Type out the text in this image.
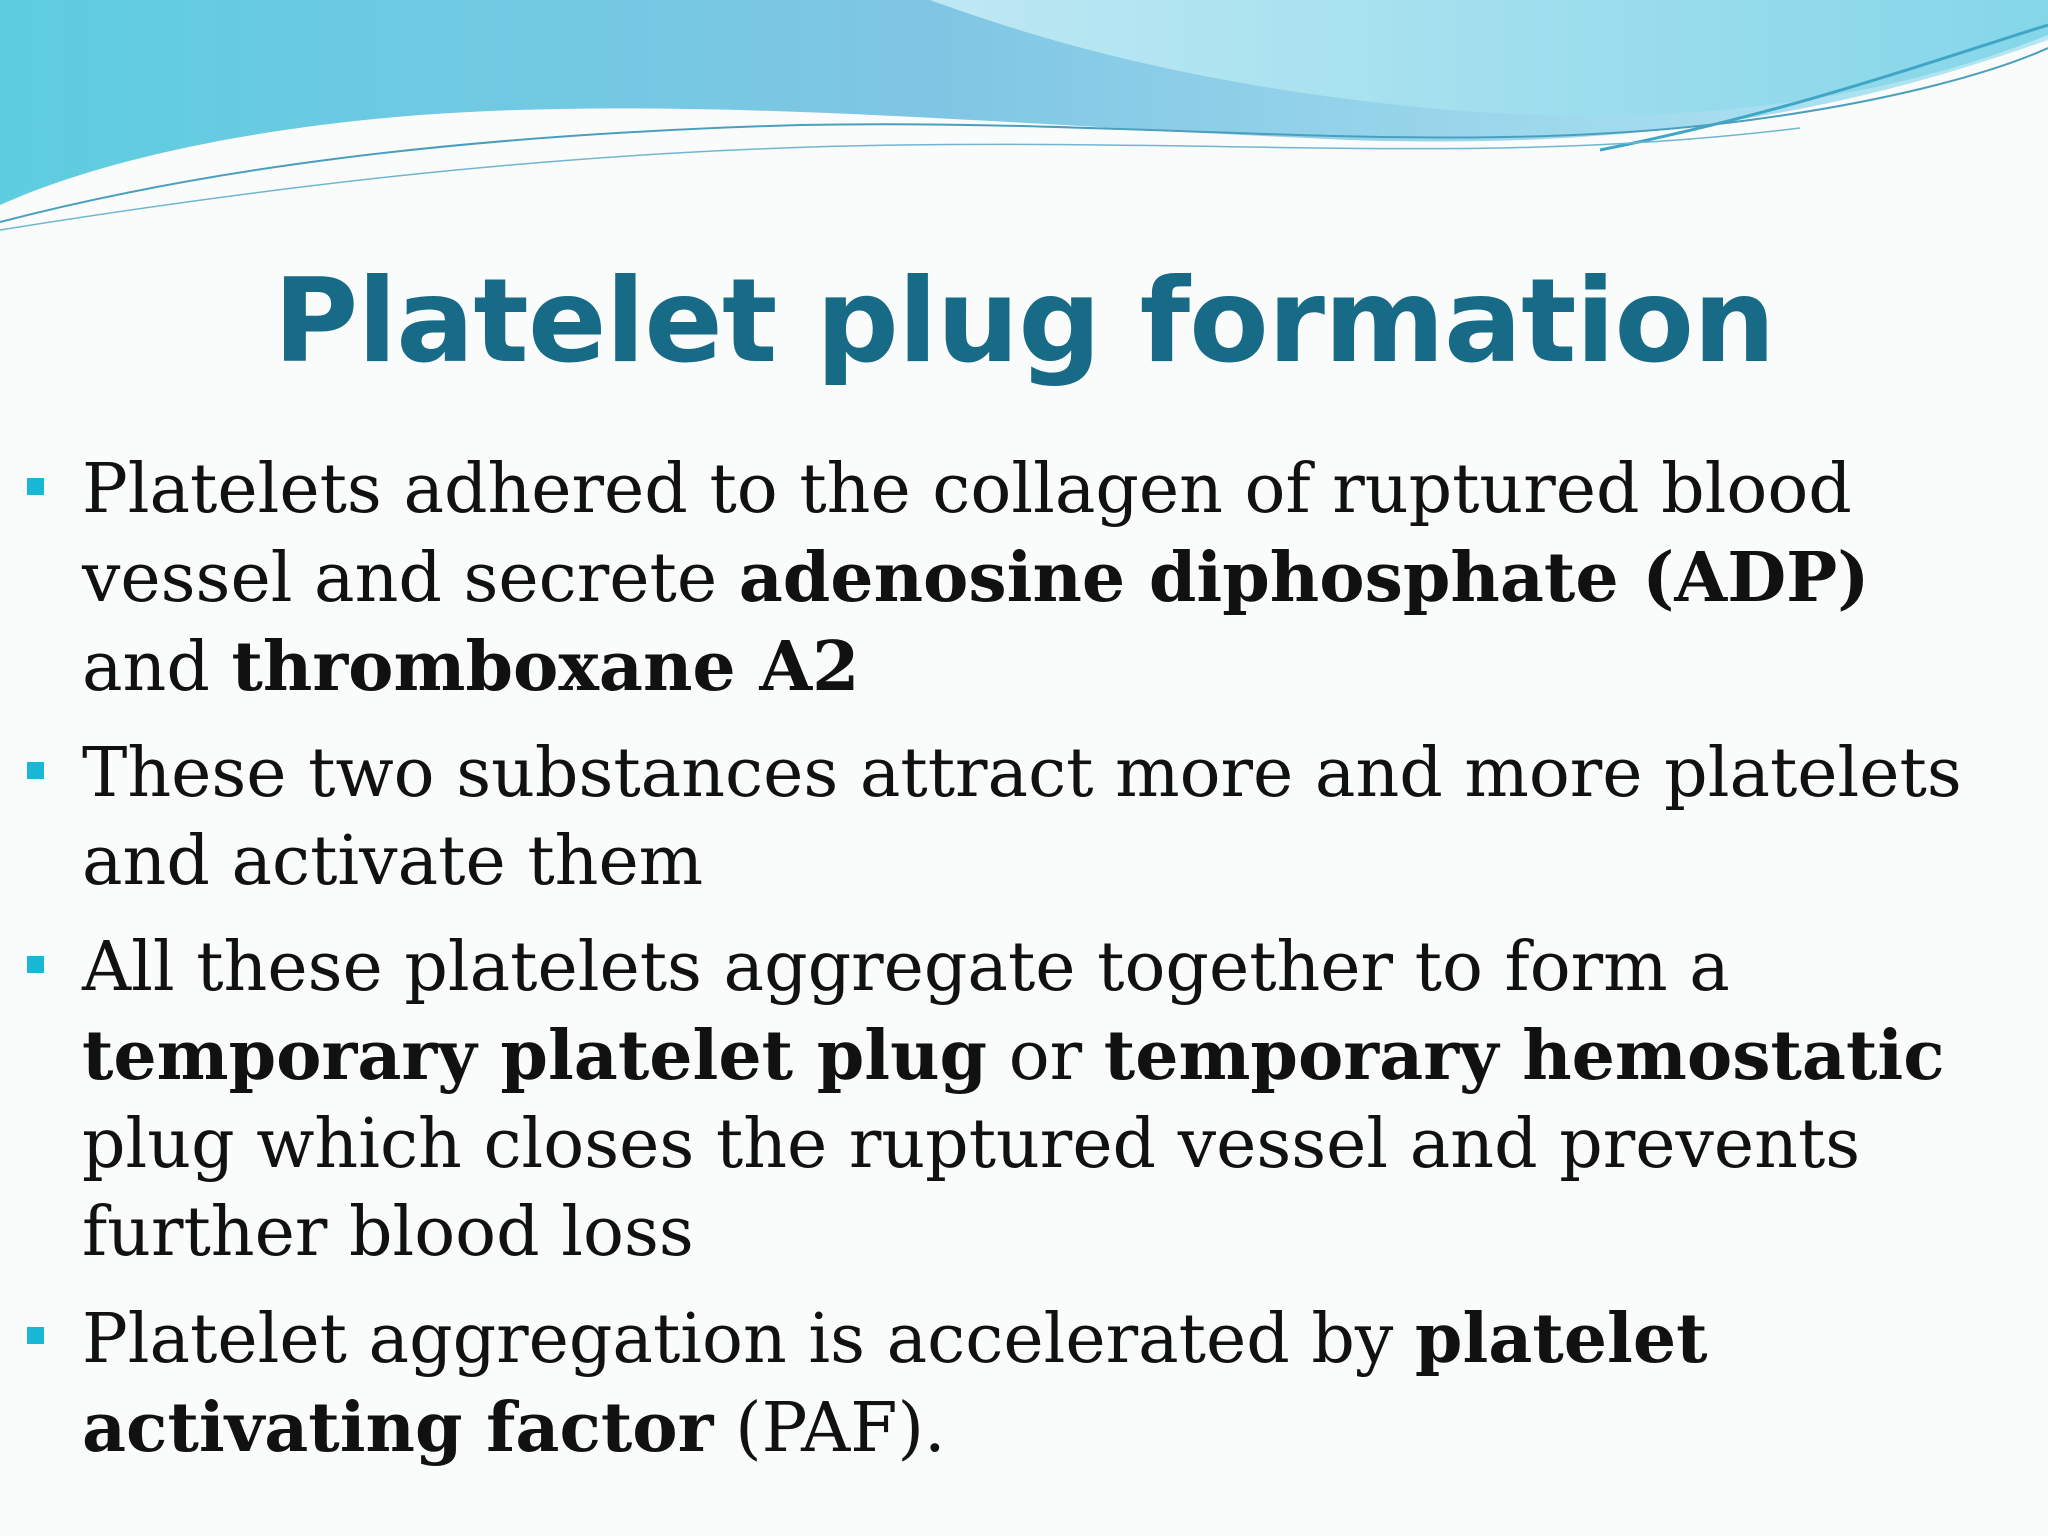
Platelet plug formation
Platelets adhered to the collagen of ruptured blood vessel and secrete adenosine diphosphate (ADP) and thromboxane A2
These two substances attract more and more platelets and activate them
All these platelets aggregate together to form a temporary platelet plug or temporary hemostatic plug which closes the ruptured vessel and prevents further blood loss
Platelet aggregation is accelerated by platelet activating factor (PAF).
